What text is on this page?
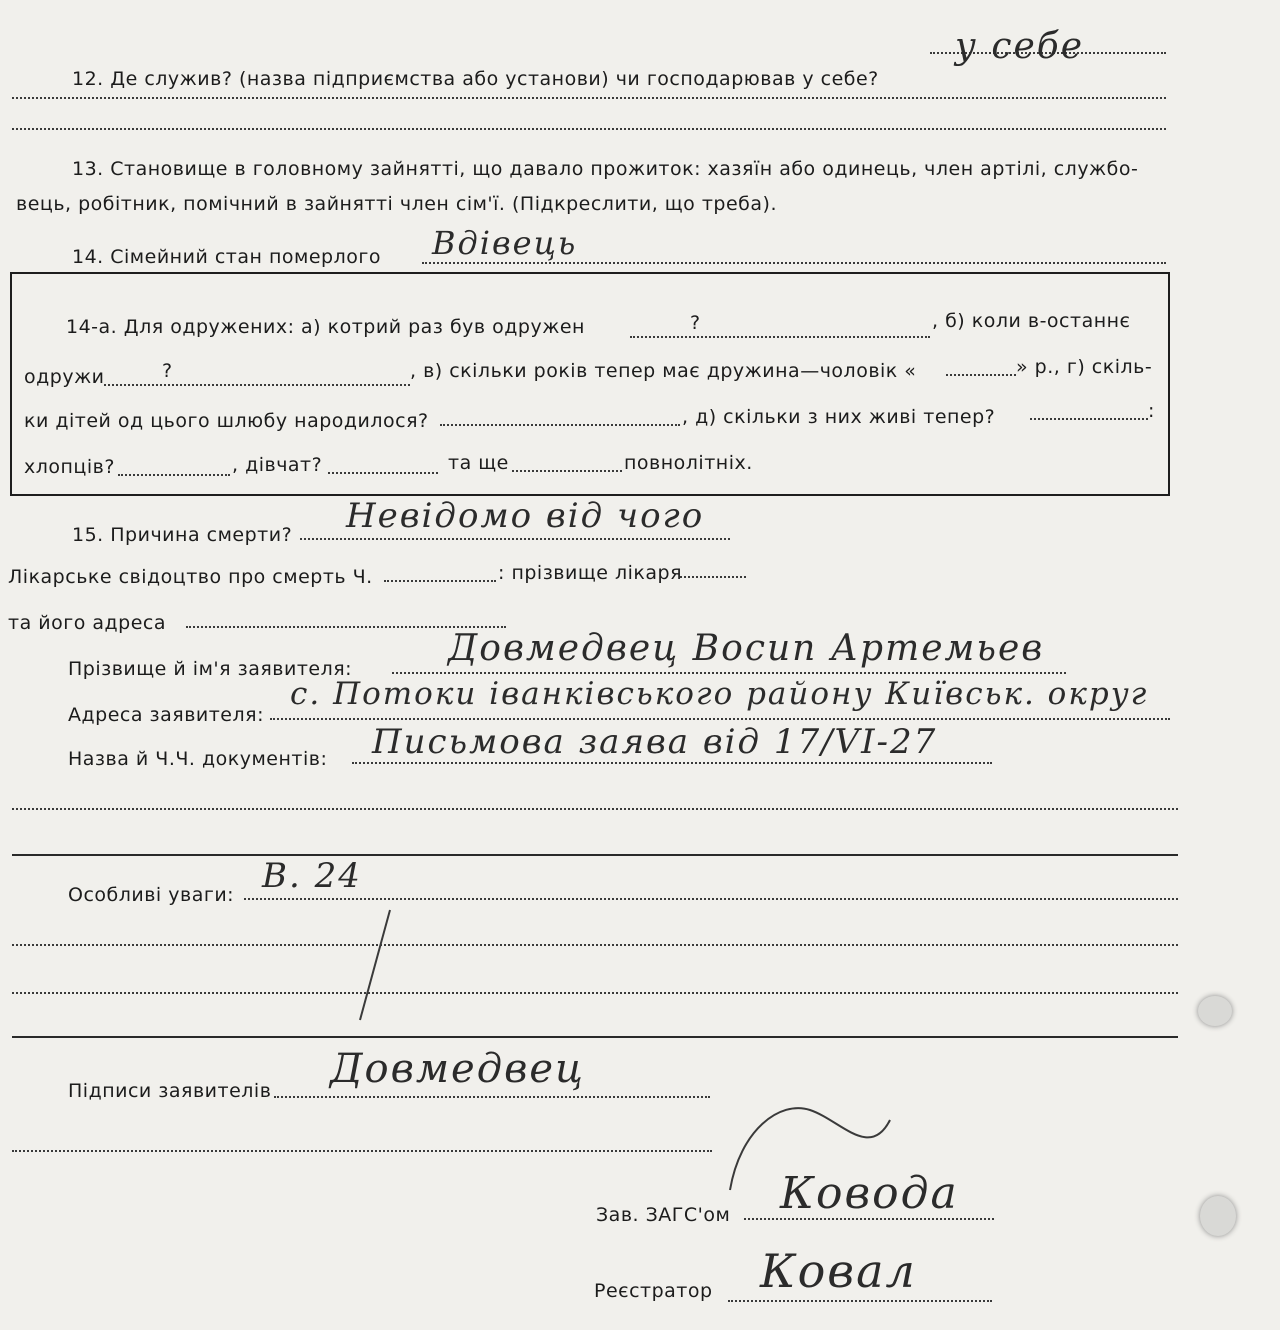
12. Де служив? (назва підприємства або установи) чи господарював у себе?
у себе
13. Становище в головному зайнятті, що давало прожиток: хазяїн або одинець, член артілі, службо-
вець, робітник, помічний в зайнятті член сім'ї. (Підкреслити, що треба).
14. Сімейний стан померлого Вдівець
14-а. Для одружених: а) котрий раз був одружен	?	, б) коли в-останнє
одружи	?	, в) скільки років тепер має дружина—чоловік «	» р., г) скіль-
ки дітей од цього шлюбу народилося?	, д) скільки з них живі тепер?	:
хлопців?	, дівчат?	та ще	повнолітніх.
15. Причина смерти? Невідомо від чого
Лікарське свідоцтво про смерть Ч.	: прізвище лікаря
та його адреса
Прізвище й ім'я заявителя:	Довмедвец Восип Артемьев
Адреса заявителя:
с. Потоки іванківського району Київськ. округ
Назва й Ч.Ч. документів: Письмова заява від 17/VI-27
Особливі уваги: В. 24
Підписи заявителів Довмедвец
Зав. ЗАГС'ом Ковода
Реєстратор Ковал
